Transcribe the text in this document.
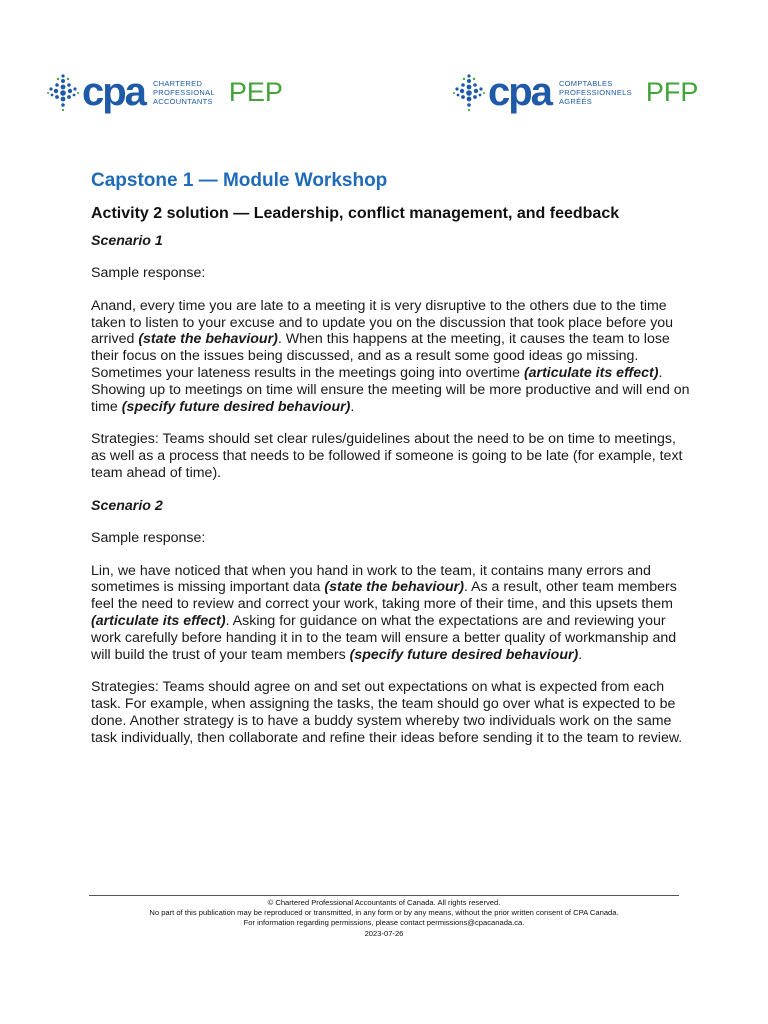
cpa CHARTERED
PROFESSIONAL
ACCOUNTANTS PEP	cpa COMPTABLES
PROFESSIONNELS
AGRÉÉS	PFP
Capstone 1 — Module Workshop
Activity 2 solution — Leadership, conflict management, and feedback
Scenario 1

Sample response:

Anand, every time you are late to a meeting it is very disruptive to the others due to the time taken to listen to your excuse and to update you on the discussion that took place before you arrived (state the behaviour). When this happens at the meeting, it causes the team to lose their focus on the issues being discussed, and as a result some good ideas go missing. Sometimes your lateness results in the meetings going into overtime (articulate its effect). Showing up to meetings on time will ensure the meeting will be more productive and will end on time (specify future desired behaviour).

Strategies: Teams should set clear rules/guidelines about the need to be on time to meetings, as well as a process that needs to be followed if someone is going to be late (for example, text team ahead of time).

Scenario 2

Sample response:

Lin, we have noticed that when you hand in work to the team, it contains many errors and sometimes is missing important data (state the behaviour). As a result, other team members feel the need to review and correct your work, taking more of their time, and this upsets them (articulate its effect). Asking for guidance on what the expectations are and reviewing your work carefully before handing it in to the team will ensure a better quality of workmanship and will build the trust of your team members (specify future desired behaviour).

Strategies: Teams should agree on and set out expectations on what is expected from each task. For example, when assigning the tasks, the team should go over what is expected to be done. Another strategy is to have a buddy system whereby two individuals work on the same task individually, then collaborate and refine their ideas before sending it to the team to review.

© Chartered Professional Accountants of Canada. All rights reserved.
No part of this publication may be reproduced or transmitted, in any form or by any means, without the prior written consent of CPA Canada.
For information regarding permissions, please contact permissions@cpacanada.ca.
2023-07-26
